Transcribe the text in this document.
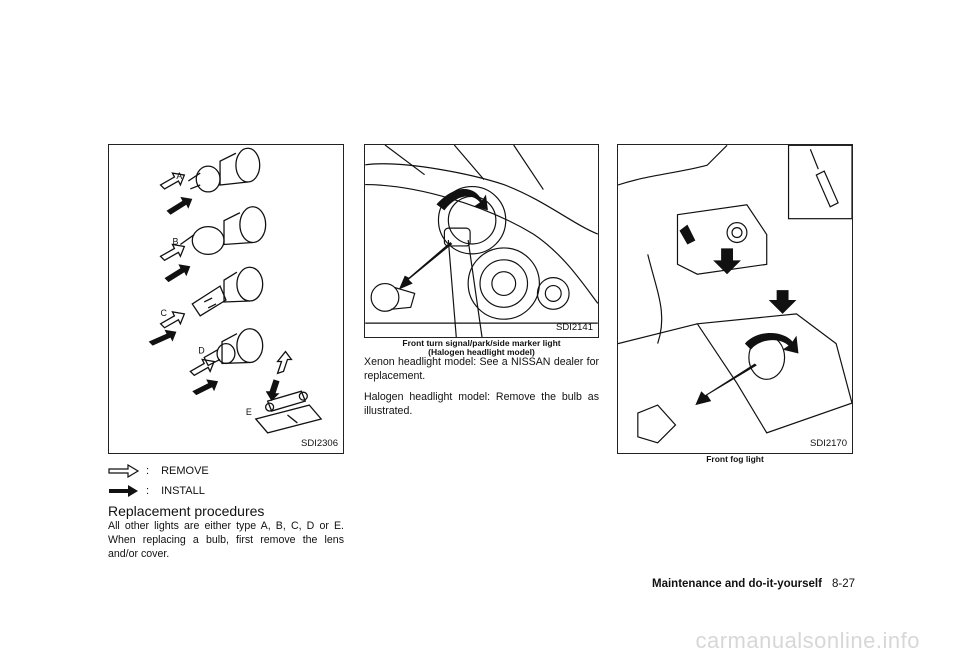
A
B
C
D
E
SDI2306
SDI2141
Front turn signal/park/side marker light
(Halogen headlight model)
SDI2170
Front fog light
: REMOVE
: INSTALL
Replacement procedures
All other lights are either type A, B, C, D or E. When replacing a bulb, first remove the lens and/or cover.
Xenon headlight model: See a NISSAN dealer for replacement.
Halogen headlight model: Remove the bulb as illustrated.
Maintenance and do-it-yourself 8-27
carmanualsonline.info
